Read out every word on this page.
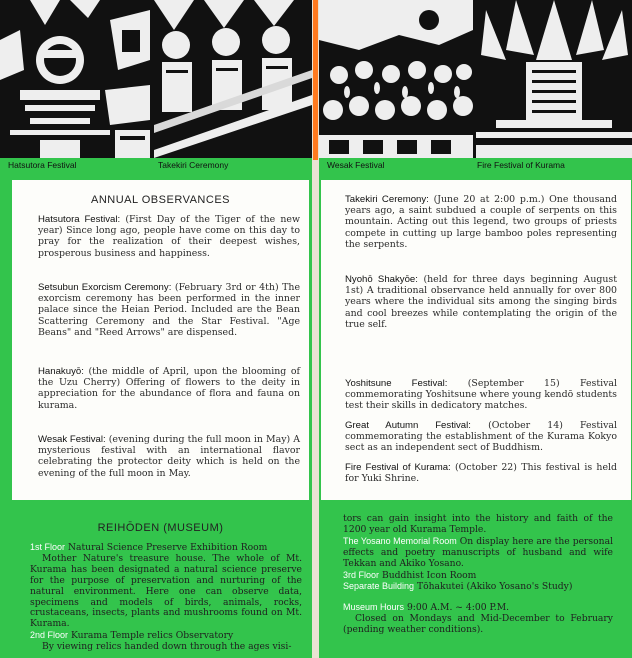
Hatsutora Festival	Takekiri Ceremony
ANNUAL OBSERVANCES
Hatsutora Festival: (First Day of the Tiger of the new year) Since long ago, people have come on this day to pray for the realization of their deepest wishes, prosperous business and happiness.
Setsubun Exorcism Ceremony: (February 3rd or 4th) The exorcism ceremony has been performed in the inner palace since the Heian Period. Included are the Bean Scattering Ceremony and the Star Festival. "Age Beans" and "Reed Arrows" are dispensed.
Hanakuyō: (the middle of April, upon the blooming of the Uzu Cherry) Offering of flowers to the deity in appreciation for the abundance of flora and fauna on kurama.
Wesak Festival: (evening during the full moon in May) A mysterious festival with an international flavor celebrating the protector deity which is held on the evening of the full moon in May.
REIHŌDEN (MUSEUM)
1st Floor Natural Science Preserve Exhibition Room
Mother Nature's treasure house. The whole of Mt. Kurama has been designated a natural science preserve for the purpose of preservation and nurturing of the natural environment. Here one can observe data, specimens and models of birds, animals, rocks, crustaceans, insects, plants and mushrooms found on Mt. Kurama.
2nd Floor Kurama Temple relics Observatory
By viewing relics handed down through the ages visi-
Wesak Festival	Fire Festival of Kurama
Takekiri Ceremony: (June 20 at 2:00 p.m.) One thousand years ago, a saint subdued a couple of serpents on this mountain. Acting out this legend, two groups of priests compete in cutting up large bamboo poles representing the serpents.
Nyohō Shakyōe: (held for three days beginning August 1st) A traditional observance held annually for over 800 years where the individual sits among the singing birds and cool breezes while contemplating the origin of the true self.
Yoshitsune Festival: (September 15) Festival commemorating Yoshitsune where young kendō students test their skills in dedicatory matches.
Great Autumn Festival: (October 14) Festival commemorating the establishment of the Kurama Kokyo sect as an independent sect of Buddhism.
Fire Festival of Kurama: (October 22) This festival is held for Yuki Shrine.
tors can gain insight into the history and faith of the 1200 year old Kurama Temple.
The Yosano Memorial Room On display here are the personal effects and poetry manuscripts of husband and wife Tekkan and Akiko Yosano.
3rd Floor Buddhist Icon Room
Separate Building Tōhakutei (Akiko Yosano's Study)
Museum Hours 9:00 A.M. ~ 4:00 P.M.
Closed on Mondays and Mid-December to February (pending weather conditions).
